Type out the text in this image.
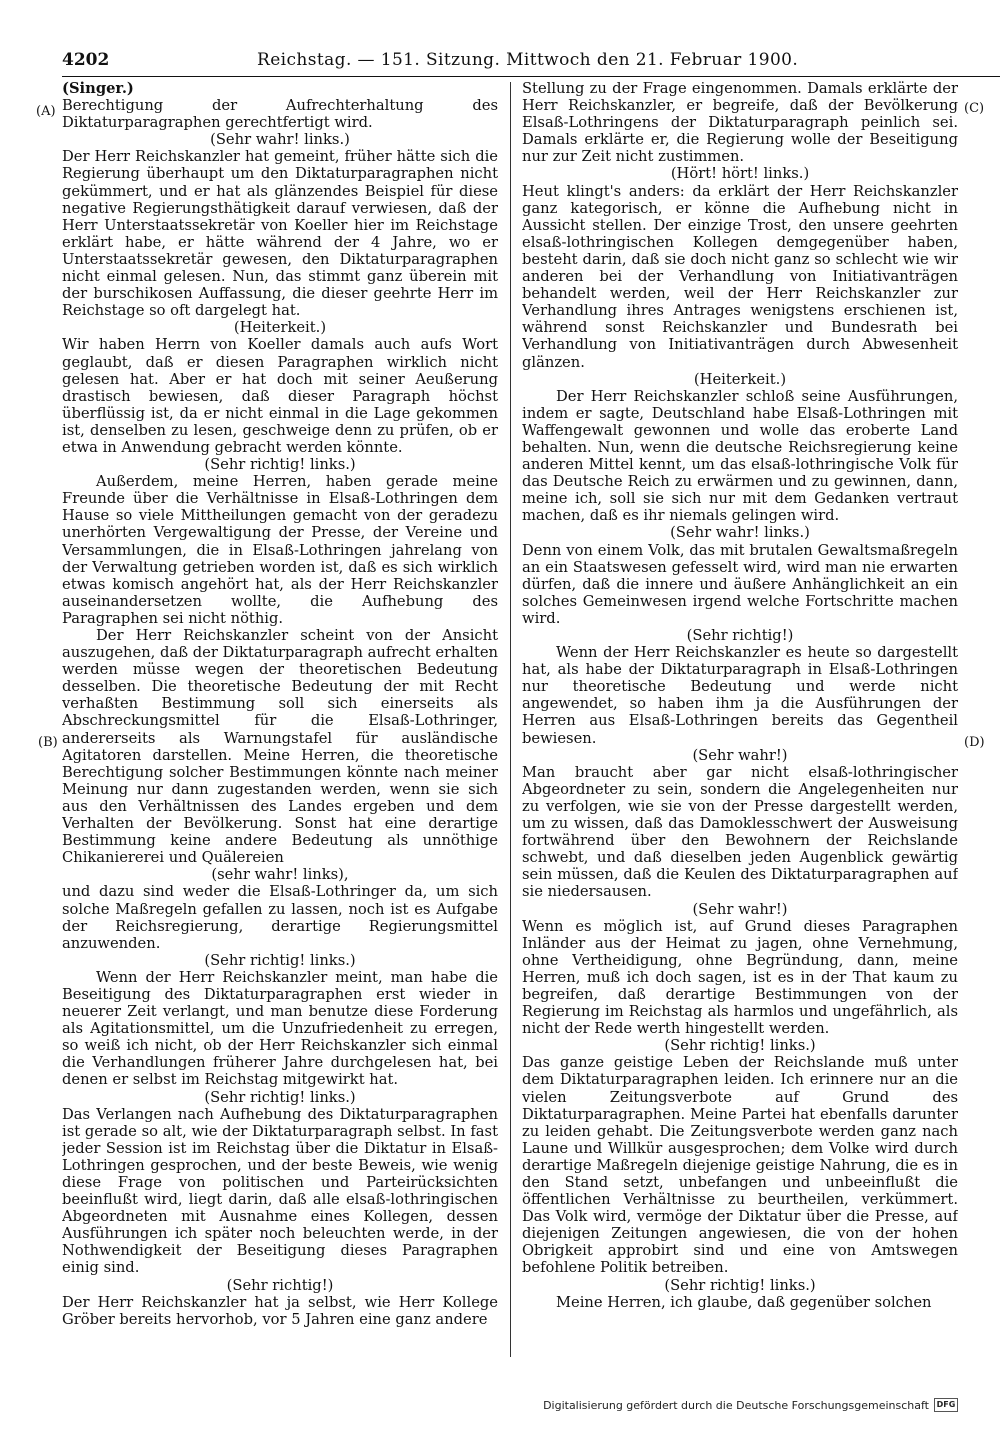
4202	Reichstag. — 151. Sitzung. Mittwoch den 21. Februar 1900.
(A)
(B)
(C)
(D)

(Singer.)

Berechtigung der Aufrechterhaltung des Diktaturparagraphen gerechtfertigt wird.

(Sehr wahr! links.)

Der Herr Reichskanzler hat gemeint, früher hätte sich die Regierung überhaupt um den Diktaturparagraphen nicht gekümmert, und er hat als glänzendes Beispiel für diese negative Regierungsthätigkeit darauf verwiesen, daß der Herr Unterstaatssekretär von Koeller hier im Reichstage erklärt habe, er hätte während der 4 Jahre, wo er Unterstaatssekretär gewesen, den Diktaturparagraphen nicht einmal gelesen. Nun, das stimmt ganz überein mit der burschikosen Auffassung, die dieser geehrte Herr im Reichstage so oft dargelegt hat.

(Heiterkeit.)

Wir haben Herrn von Koeller damals auch aufs Wort geglaubt, daß er diesen Paragraphen wirklich nicht gelesen hat. Aber er hat doch mit seiner Aeußerung drastisch bewiesen, daß dieser Paragraph höchst überflüssig ist, da er nicht einmal in die Lage gekommen ist, denselben zu lesen, geschweige denn zu prüfen, ob er etwa in Anwendung gebracht werden könnte.

(Sehr richtig! links.)

Außerdem, meine Herren, haben gerade meine Freunde über die Verhältnisse in Elsaß-Lothringen dem Hause so viele Mittheilungen gemacht von der geradezu unerhörten Vergewaltigung der Presse, der Vereine und Versammlungen, die in Elsaß-Lothringen jahrelang von der Verwaltung getrieben worden ist, daß es sich wirklich etwas komisch angehört hat, als der Herr Reichskanzler auseinandersetzen wollte, die Aufhebung des Paragraphen sei nicht nöthig.

Der Herr Reichskanzler scheint von der Ansicht auszugehen, daß der Diktaturparagraph aufrecht erhalten werden müsse wegen der theoretischen Bedeutung desselben. Die theoretische Bedeutung der mit Recht verhaßten Bestimmung soll sich einerseits als Abschreckungsmittel für die Elsaß-Lothringer, andererseits als Warnungstafel für ausländische Agitatoren darstellen. Meine Herren, die theoretische Berechtigung solcher Bestimmungen könnte nach meiner Meinung nur dann zugestanden werden, wenn sie sich aus den Verhältnissen des Landes ergeben und dem Verhalten der Bevölkerung. Sonst hat eine derartige Bestimmung keine andere Bedeutung als unnöthige Chikaniererei und Quälereien

(sehr wahr! links),

und dazu sind weder die Elsaß-Lothringer da, um sich solche Maßregeln gefallen zu lassen, noch ist es Aufgabe der Reichsregierung, derartige Regierungsmittel anzuwenden.

(Sehr richtig! links.)

Wenn der Herr Reichskanzler meint, man habe die Beseitigung des Diktaturparagraphen erst wieder in neuerer Zeit verlangt, und man benutze diese Forderung als Agitationsmittel, um die Unzufriedenheit zu erregen, so weiß ich nicht, ob der Herr Reichskanzler sich einmal die Verhandlungen früherer Jahre durchgelesen hat, bei denen er selbst im Reichstag mitgewirkt hat.

(Sehr richtig! links.)

Das Verlangen nach Aufhebung des Diktaturparagraphen ist gerade so alt, wie der Diktaturparagraph selbst. In fast jeder Session ist im Reichstag über die Diktatur in Elsaß-Lothringen gesprochen, und der beste Beweis, wie wenig diese Frage von politischen und Parteirücksichten beeinflußt wird, liegt darin, daß alle elsaß-lothringischen Abgeordneten mit Ausnahme eines Kollegen, dessen Ausführungen ich später noch beleuchten werde, in der Nothwendigkeit der Beseitigung dieses Paragraphen einig sind.

(Sehr richtig!)

Der Herr Reichskanzler hat ja selbst, wie Herr Kollege Gröber bereits hervorhob, vor 5 Jahren eine ganz andere

Stellung zu der Frage eingenommen. Damals erklärte der Herr Reichskanzler, er begreife, daß der Bevölkerung Elsaß-Lothringens der Diktaturparagraph peinlich sei. Damals erklärte er, die Regierung wolle der Beseitigung nur zur Zeit nicht zustimmen.

(Hört! hört! links.)

Heut klingt's anders: da erklärt der Herr Reichskanzler ganz kategorisch, er könne die Aufhebung nicht in Aussicht stellen. Der einzige Trost, den unsere geehrten elsaß-lothringischen Kollegen demgegenüber haben, besteht darin, daß sie doch nicht ganz so schlecht wie wir anderen bei der Verhandlung von Initiativanträgen behandelt werden, weil der Herr Reichskanzler zur Verhandlung ihres Antrages wenigstens erschienen ist, während sonst Reichskanzler und Bundesrath bei Verhandlung von Initiativanträgen durch Abwesenheit glänzen.

(Heiterkeit.)

Der Herr Reichskanzler schloß seine Ausführungen, indem er sagte, Deutschland habe Elsaß-Lothringen mit Waffengewalt gewonnen und wolle das eroberte Land behalten. Nun, wenn die deutsche Reichsregierung keine anderen Mittel kennt, um das elsaß-lothringische Volk für das Deutsche Reich zu erwärmen und zu gewinnen, dann, meine ich, soll sie sich nur mit dem Gedanken vertraut machen, daß es ihr niemals gelingen wird.

(Sehr wahr! links.)

Denn von einem Volk, das mit brutalen Gewaltsmaßregeln an ein Staatswesen gefesselt wird, wird man nie erwarten dürfen, daß die innere und äußere Anhänglichkeit an ein solches Gemeinwesen irgend welche Fortschritte machen wird.

(Sehr richtig!)

Wenn der Herr Reichskanzler es heute so dargestellt hat, als habe der Diktaturparagraph in Elsaß-Lothringen nur theoretische Bedeutung und werde nicht angewendet, so haben ihm ja die Ausführungen der Herren aus Elsaß-Lothringen bereits das Gegentheil bewiesen.

(Sehr wahr!)

Man braucht aber gar nicht elsaß-lothringischer Abgeordneter zu sein, sondern die Angelegenheiten nur zu verfolgen, wie sie von der Presse dargestellt werden, um zu wissen, daß das Damoklesschwert der Ausweisung fortwährend über den Bewohnern der Reichslande schwebt, und daß dieselben jeden Augenblick gewärtig sein müssen, daß die Keulen des Diktaturparagraphen auf sie niedersausen.

(Sehr wahr!)

Wenn es möglich ist, auf Grund dieses Paragraphen Inländer aus der Heimat zu jagen, ohne Vernehmung, ohne Vertheidigung, ohne Begründung, dann, meine Herren, muß ich doch sagen, ist es in der That kaum zu begreifen, daß derartige Bestimmungen von der Regierung im Reichstag als harmlos und ungefährlich, als nicht der Rede werth hingestellt werden.

(Sehr richtig! links.)

Das ganze geistige Leben der Reichslande muß unter dem Diktaturparagraphen leiden. Ich erinnere nur an die vielen Zeitungsverbote auf Grund des Diktaturparagraphen. Meine Partei hat ebenfalls darunter zu leiden gehabt. Die Zeitungsverbote werden ganz nach Laune und Willkür ausgesprochen; dem Volke wird durch derartige Maßregeln diejenige geistige Nahrung, die es in den Stand setzt, unbefangen und unbeeinflußt die öffentlichen Verhältnisse zu beurtheilen, verkümmert. Das Volk wird, vermöge der Diktatur über die Presse, auf diejenigen Zeitungen angewiesen, die von der hohen Obrigkeit approbirt sind und eine von Amtswegen befohlene Politik betreiben.

(Sehr richtig! links.)

Meine Herren, ich glaube, daß gegenüber solchen

Digitalisierung gefördert durch die Deutsche Forschungsgemeinschaft DFG
